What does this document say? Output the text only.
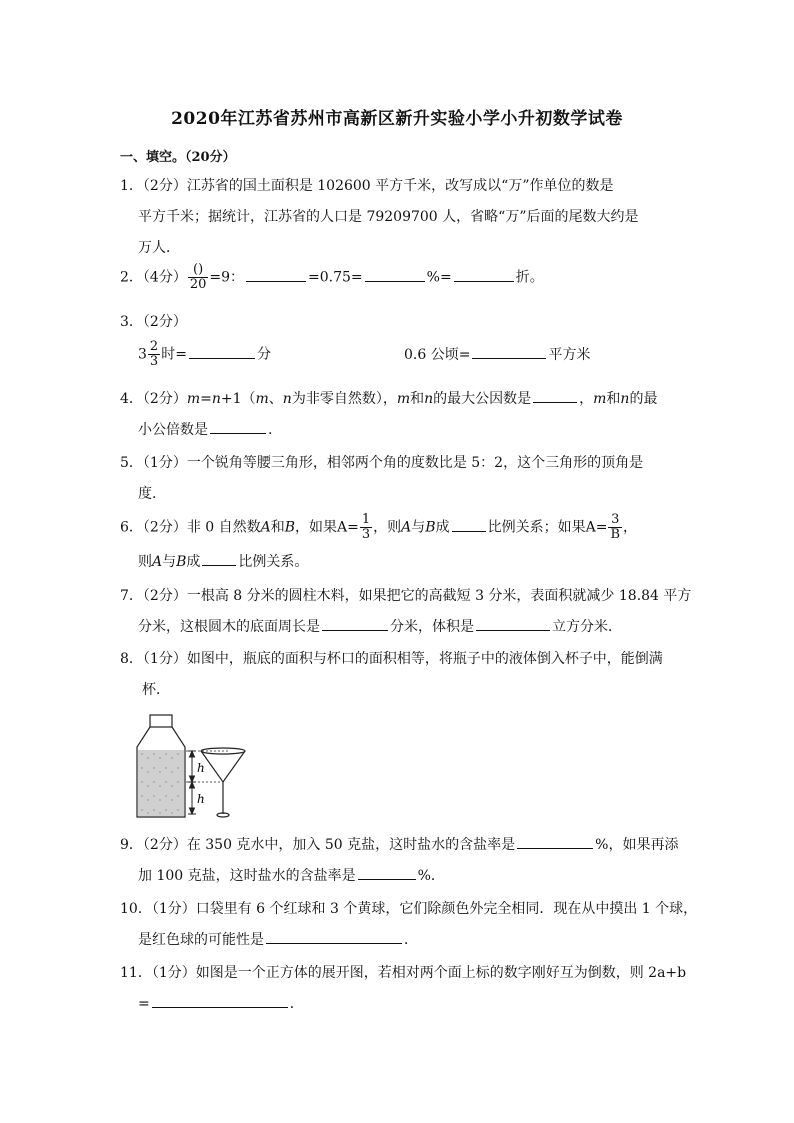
2020年江苏省苏州市高新区新升实验小学小升初数学试卷
一、填空。（20分）
1．（2分）江苏省的国土面积是 102600 平方千米，改写成以“万”作单位的数是
平方千米；据统计，江苏省的人口是 79209700 人，省略“万”后面的尾数大约是
万人．
2．（4分） $\frac{()}{20} =9$：	=0.75=	%=	折。
3．（2分）
$3 \frac{2}{3}$ 时=	分	0.6 公顷=	平方米
4．（2分）m=n+1（m、n为非零自然数），m和n的最大公因数是	，m和n的最
小公倍数是	.
5．（1分）一个锐角等腰三角形，相邻两个角的度数比是 5：2，这个三角形的顶角是
度.
6．（2分）非 0 自然数A和B，如果$A= \frac{1}{3}$ ，则A与B成	比例关系；如果$A= \frac{3}{B}$ ，
则A与B成	比例关系。
7．（2分）一根高 8 分米的圆柱木料，如果把它的高截短 3 分米，表面积就减少 18.84 平方
分米，这根圆木的底面周长是	分米，体积是	立方分米．
8．（1分）如图中，瓶底的面积与杯口的面积相等，将瓶子中的液体倒入杯子中，能倒满
杯．
h
h
9．（2分）在 350 克水中，加入 50 克盐，这时盐水的含盐率是	%，如果再添
加 100 克盐，这时盐水的含盐率是	%．
10．（1分）口袋里有 6 个红球和 3 个黄球，它们除颜色外完全相同．现在从中摸出 1 个球，
是红色球的可能性是	．
11．（1分）如图是一个正方体的展开图，若相对两个面上标的数字刚好互为倒数，则 2a+b
=	．
